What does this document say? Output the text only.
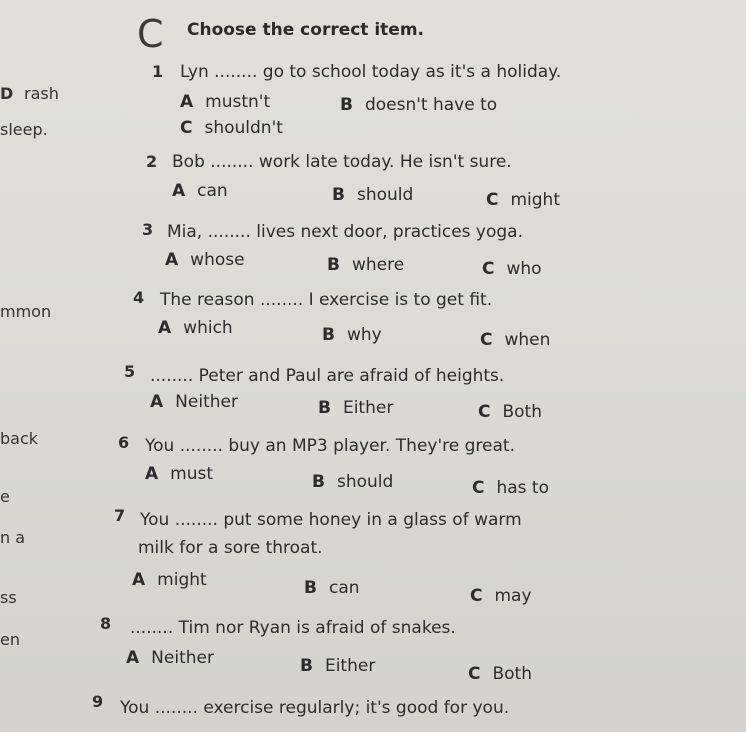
C Choose the correct item.
D rash
sleep.
mmon
back
e
n a
ss
en
1 Lyn ........ go to school today as it's a holiday.
A mustn't	B doesn't have to
C shouldn't
2 Bob ........ work late today. He isn't sure.
A can	B should	C might
3 Mia, ........ lives next door, practices yoga.
A whose	B where	C who
4 The reason ........ I exercise is to get fit.
A which	B why	C when
5 ........ Peter and Paul are afraid of heights.
A Neither	B Either	C Both
6 You ........ buy an MP3 player. They're great.
A must	B should	C has to
7 You ........ put some honey in a glass of warm
milk for a sore throat.
A might	B can	C may
8 ........ Tim nor Ryan is afraid of snakes.
A Neither	B Either	C Both
9 You ........ exercise regularly; it's good for you.
